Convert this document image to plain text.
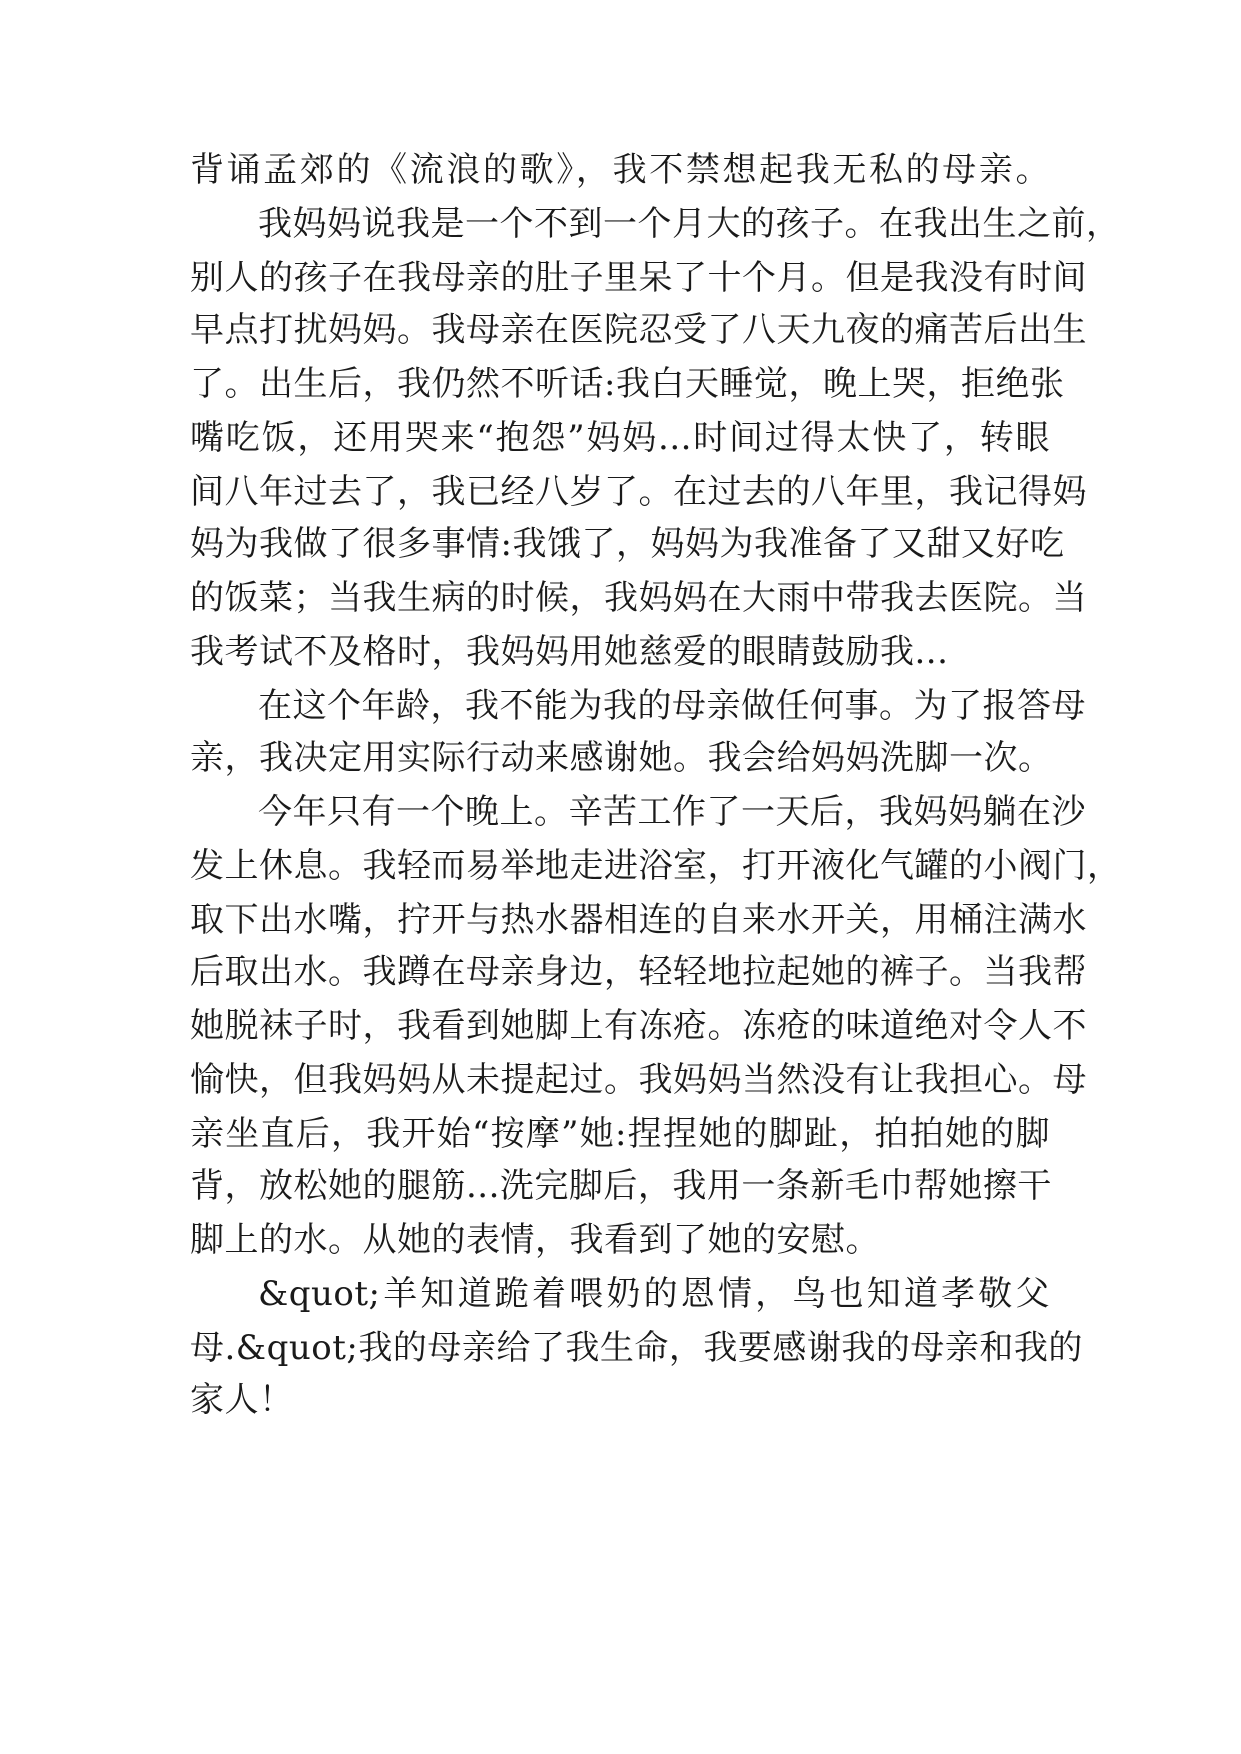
背诵孟郊的《流浪的歌》，我不禁想起我无私的母亲。
我妈妈说我是一个不到一个月大的孩子。在我出生之前，
别人的孩子在我母亲的肚子里呆了十个月。但是我没有时间
早点打扰妈妈。我母亲在医院忍受了八天九夜的痛苦后出生
了。出生后，我仍然不听话:我白天睡觉，晚上哭，拒绝张
嘴吃饭，还用哭来“抱怨”妈妈...时间过得太快了，转眼
间八年过去了，我已经八岁了。在过去的八年里，我记得妈
妈为我做了很多事情:我饿了，妈妈为我准备了又甜又好吃
的饭菜；当我生病的时候，我妈妈在大雨中带我去医院。当
我考试不及格时，我妈妈用她慈爱的眼睛鼓励我...
在这个年龄，我不能为我的母亲做任何事。为了报答母
亲，我决定用实际行动来感谢她。我会给妈妈洗脚一次。
今年只有一个晚上。辛苦工作了一天后，我妈妈躺在沙
发上休息。我轻而易举地走进浴室，打开液化气罐的小阀门，
取下出水嘴，拧开与热水器相连的自来水开关，用桶注满水
后取出水。我蹲在母亲身边，轻轻地拉起她的裤子。当我帮
她脱袜子时，我看到她脚上有冻疮。冻疮的味道绝对令人不
愉快，但我妈妈从未提起过。我妈妈当然没有让我担心。母
亲坐直后，我开始“按摩”她:捏捏她的脚趾，拍拍她的脚
背，放松她的腿筋...洗完脚后，我用一条新毛巾帮她擦干
脚上的水。从她的表情，我看到了她的安慰。
&quot;羊知道跪着喂奶的恩情，鸟也知道孝敬父
母.&quot;我的母亲给了我生命，我要感谢我的母亲和我的
家人！
